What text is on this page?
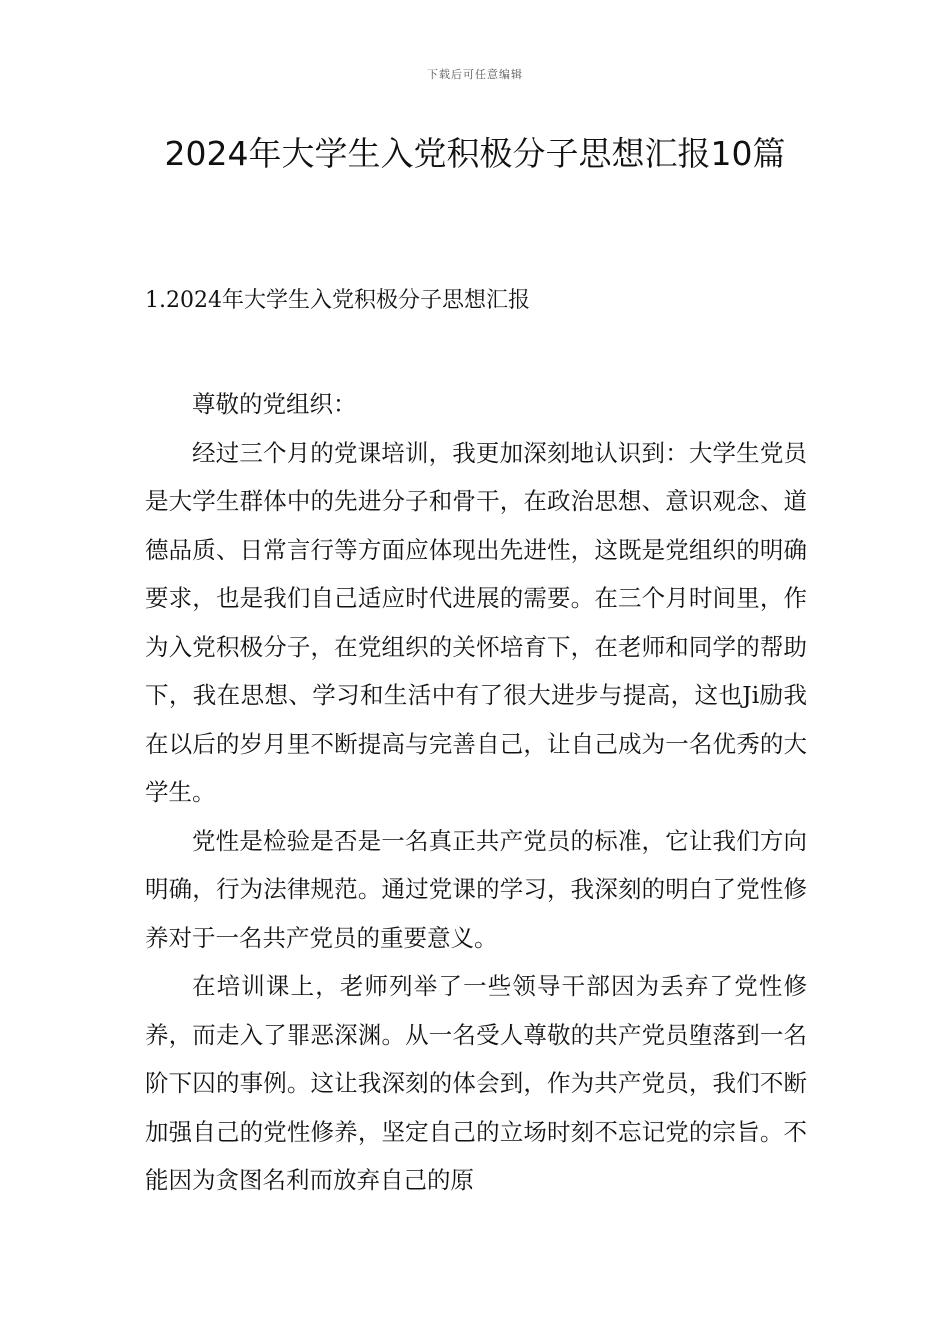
下载后可任意编辑
2024年大学生入党积极分子思想汇报10篇
1.2024年大学生入党积极分子思想汇报

尊敬的党组织：

经过三个月的党课培训，我更加深刻地认识到：大学生党员是大学生群体中的先进分子和骨干，在政治思想、意识观念、道德品质、日常言行等方面应体现出先进性，这既是党组织的明确要求，也是我们自己适应时代进展的需要。在三个月时间里，作为入党积极分子，在党组织的关怀培育下，在老师和同学的帮助下，我在思想、学习和生活中有了很大进步与提高，这也Ji励我在以后的岁月里不断提高与完善自己，让自己成为一名优秀的大学生。

党性是检验是否是一名真正共产党员的标准，它让我们方向明确，行为法律规范。通过党课的学习，我深刻的明白了党性修养对于一名共产党员的重要意义。

在培训课上，老师列举了一些领导干部因为丢弃了党性修养，而走入了罪恶深渊。从一名受人尊敬的共产党员堕落到一名阶下囚的事例。这让我深刻的体会到，作为共产党员，我们不断加强自己的党性修养，坚定自己的立场时刻不忘记党的宗旨。不能因为贪图名利而放弃自己的原
